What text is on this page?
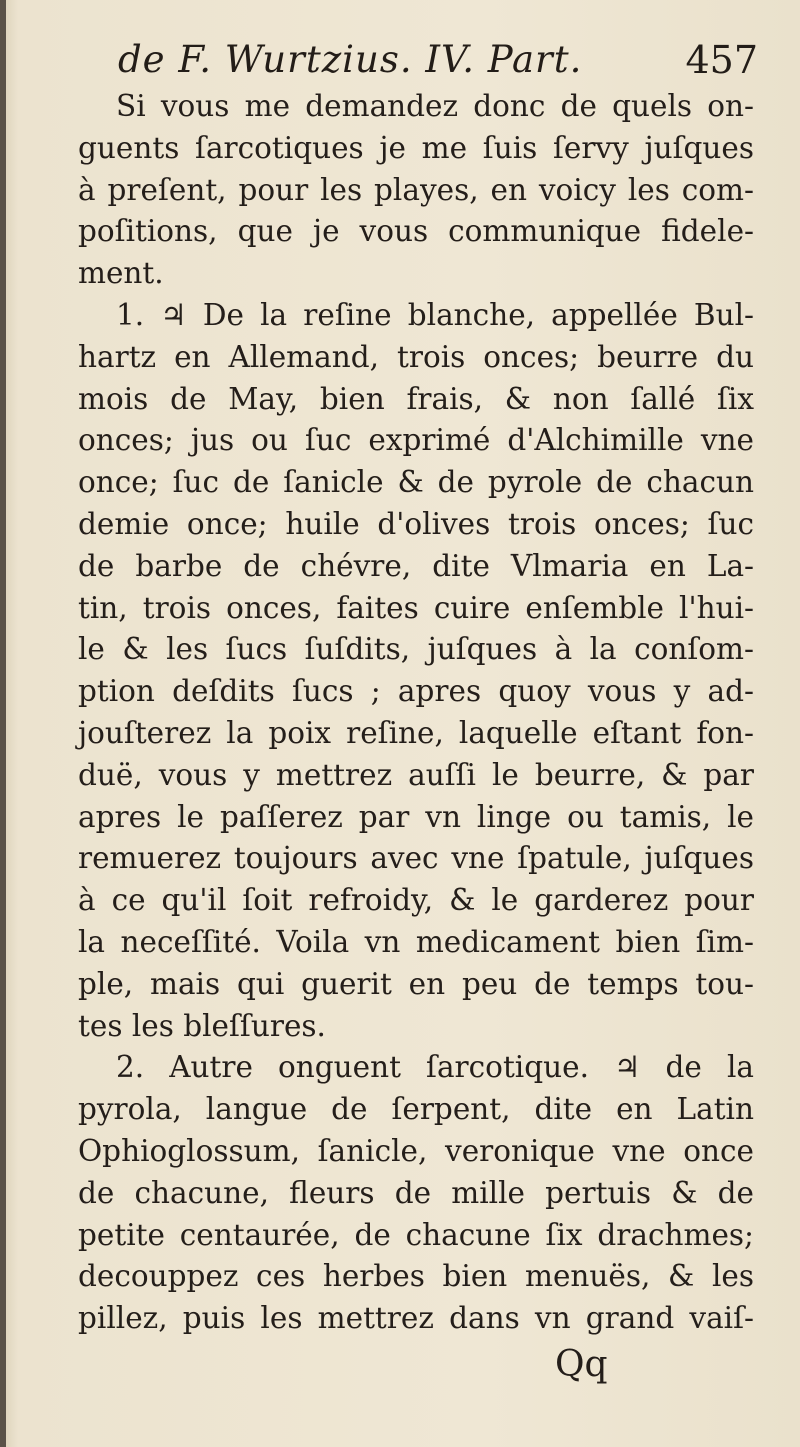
de F. Wurtzius. IV. Part.	457
Si vous me demandez donc de quels on-
guents ſarcotiques je me ſuis ſervy juſques
à preſent, pour les playes, en voicy les com-
poſitions, que je vous communique fidele-
ment.
1. ♃ De la reſine blanche, appellée Bul-
hartz en Allemand, trois onces; beurre du
mois de May, bien frais, & non ſallé ſix
onces; jus ou ſuc exprimé d'Alchimille vne
once; ſuc de ſanicle & de pyrole de chacun
demie once; huile d'olives trois onces; ſuc
de barbe de chévre, dite Vlmaria en La-
tin, trois onces, faites cuire enſemble l'hui-
le & les ſucs ſuſdits, juſques à la conſom-
ption deſdits ſucs ; apres quoy vous y ad-
jouſterez la poix reſine, laquelle eſtant fon-
duë, vous y mettrez auſſi le beurre, & par
apres le paſſerez par vn linge ou tamis, le
remuerez toujours avec vne ſpatule, juſques
à ce qu'il ſoit refroidy, & le garderez pour
la neceſſité. Voila vn medicament bien ſim-
ple, mais qui guerit en peu de temps tou-
tes les bleſſures.
2. Autre onguent ſarcotique. ♃ de la
pyrola, langue de ſerpent, dite en Latin
Ophioglossum, ſanicle, veronique vne once
de chacune, fleurs de mille pertuis & de
petite centaurée, de chacune ſix drachmes;
decouppez ces herbes bien menuës, & les
pillez, puis les mettrez dans vn grand vaiſ-
Qq
